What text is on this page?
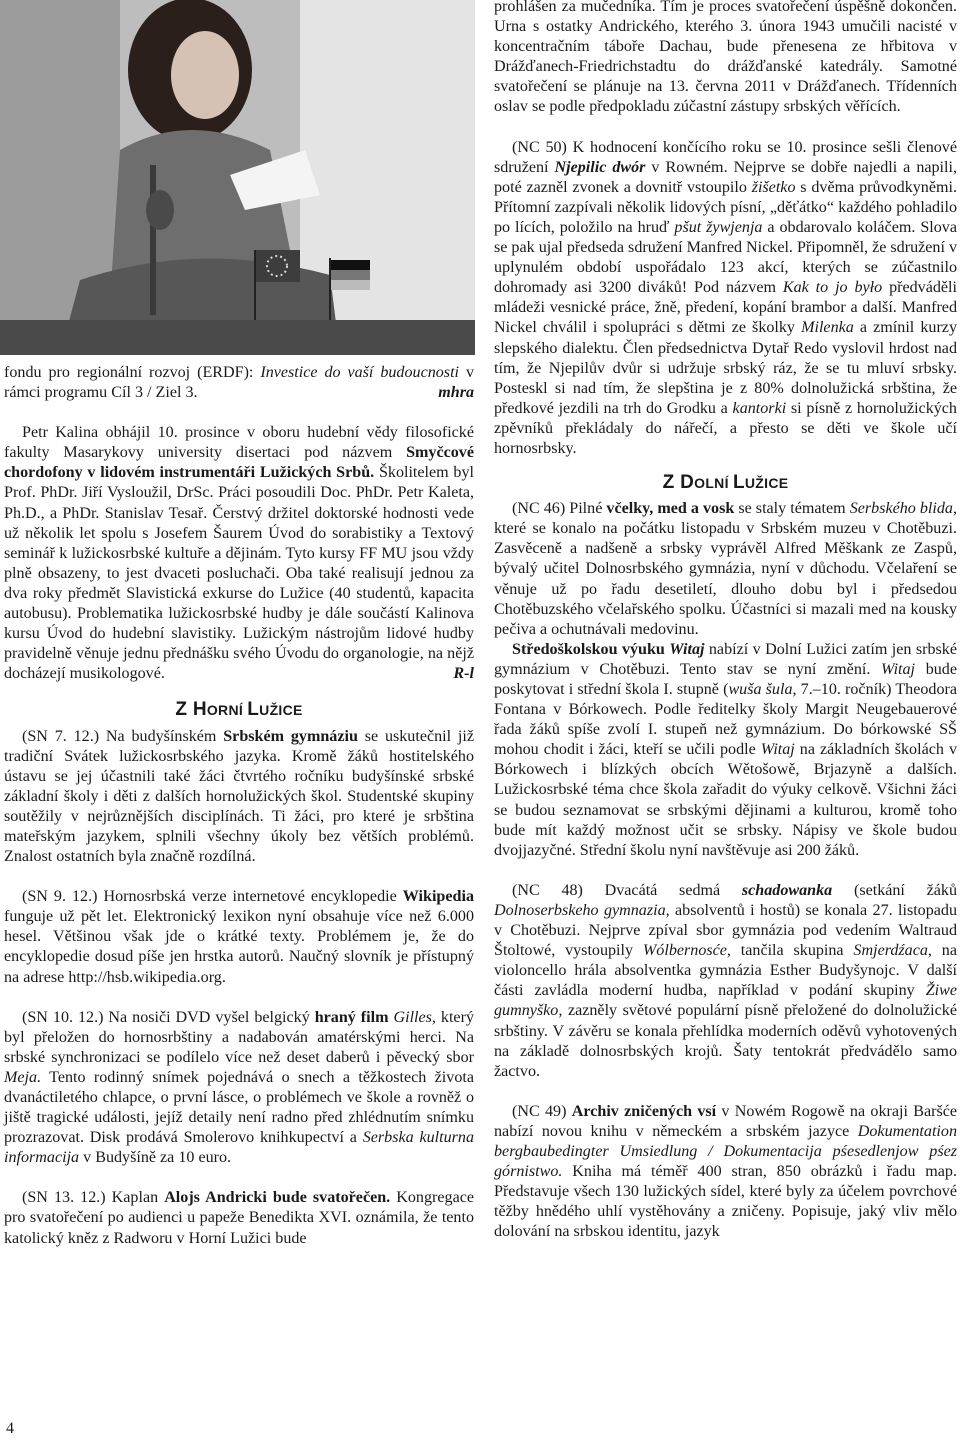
fondu pro regionální rozvoj (ERDF): Investice do vaší budoucnosti v rámci programu Cíl 3 / Ziel 3.	mhra

Petr Kalina obhájil 10. prosince v oboru hudební vědy filosofické fakulty Masarykovy university disertaci pod názvem Smyčcové chordofony v lidovém instrumentáři Lužických Srbů. Školitelem byl Prof. PhDr. Jiří Vysloužil, DrSc. Práci posoudili Doc. PhDr. Petr Kaleta, Ph.D., a PhDr. Stanislav Tesař. Čerstvý držitel doktorské hodnosti vede už několik let spolu s Josefem Šaurem Úvod do sorabistiky a Textový seminář k lužickosrbské kultuře a dějinám. Tyto kursy FF MU jsou vždy plně obsazeny, to jest dvaceti posluchači. Oba také realisují jednou za dva roky předmět Slavistická exkurse do Lužice (40 studentů, kapacita autobusu). Problematika lužickosrbské hudby je dále součástí Kalinova kursu Úvod do hudební slavistiky. Lužickým nástrojům lidové hudby pravidelně věnuje jednu přednášku svého Úvodu do organologie, na nějž docházejí musikologové.	R-l

Z HORNÍ LUŽICE

(SN 7. 12.) Na budyšínském Srbském gymnáziu se uskutečnil již tradiční Svátek lužickosrbského jazyka. Kromě žáků hostitelského ústavu se jej účastnili také žáci čtvrtého ročníku budyšínské srbské základní školy i děti z dalších hornolužických škol. Studentské skupiny soutěžily v nejrůznějších disciplínách. Ti žáci, pro které je srbština mateřským jazykem, splnili všechny úkoly bez větších problémů. Znalost ostatních byla značně rozdílná.

(SN 9. 12.) Hornosrbská verze internetové encyklopedie Wikipedia funguje už pět let. Elektronický lexikon nyní obsahuje více než 6.000 hesel. Většinou však jde o krátké texty. Problémem je, že do encyklopedie dosud píše jen hrstka autorů. Naučný slovník je přístupný na adrese http://hsb.wikipedia.org.

(SN 10. 12.) Na nosiči DVD vyšel belgický hraný film Gilles, který byl přeložen do hornosrbštiny a nadabován amatérskými herci. Na srbské synchronizaci se podílelo více než deset daberů i pěvecký sbor Meja. Tento rodinný snímek pojednává o snech a těžkostech života dvanáctiletého chlapce, o první lásce, o problémech ve škole a rovněž o jiště tragické události, jejíž detaily není radno před zhlédnutím snímku prozrazovat. Disk prodává Smolerovo knihkupectví a Serbska kulturna informacija v Budyšíně za 10 euro.

(SN 13. 12.) Kaplan Alojs Andricki bude svatořečen. Kongregace pro svatořečení po audienci u papeže Benedikta XVI. oznámila, že tento katolický kněz z Radworu v Horní Lužici bude

prohlášen za mučedníka. Tím je proces svatořečení úspěšně dokončen. Urna s ostatky Andrického, kterého 3. února 1943 umučili nacisté v koncentračním táboře Dachau, bude přenesena ze hřbitova v Drážďanech-Friedrichstadtu do drážďanské katedrály. Samotné svatořečení se plánuje na 13. června 2011 v Drážďanech. Třídenních oslav se podle předpokladu zúčastní zástupy srbských věřících.

(NC 50) K hodnocení končícího roku se 10. prosince sešli členové sdružení Njepilic dwór v Rowném. Nejprve se dobře najedli a napili, poté zazněl zvonek a dovnitř vstoupilo žišetko s dvěma průvodkyněmi. Přítomní zazpívali několik lidových písní, „děťátko“ každého pohladilo po lících, položilo na hruď pšut žywjenja a obdarovalo koláčem. Slova se pak ujal předseda sdružení Manfred Nickel. Připomněl, že sdružení v uplynulém období uspořádalo 123 akcí, kterých se zúčastnilo dohromady asi 3200 diváků! Pod názvem Kak to jo było předváděli mládeži vesnické práce, žně, předení, kopání brambor a další. Manfred Nickel chválil i spolupráci s dětmi ze školky Milenka a zmínil kurzy slepského dialektu. Člen předsednictva Dytař Redo vyslovil hrdost nad tím, že Njepilův dvůr si udržuje srbský ráz, že se tu mluví srbsky. Posteskl si nad tím, že slepština je z 80% dolnolužická srbština, že předkové jezdili na trh do Grodku a kantorki si písně z hornolužických zpěvníků překládaly do nářečí, a přesto se děti ve škole učí hornosrbsky.

Z DOLNÍ LUŽICE

(NC 46) Pilné včelky, med a vosk se staly tématem Serbského blida, které se konalo na počátku listopadu v Srbském muzeu v Chotěbuzi. Zasvěceně a nadšeně a srbsky vyprávěl Alfred Měškank ze Zaspů, bývalý učitel Dolnosrbského gymnázia, nyní v důchodu. Včelaření se věnuje už po řadu desetiletí, dlouho dobu byl i předsedou Chotěbuzského včelařského spolku. Účastníci si mazali med na kousky pečiva a ochutnávali medovinu.

Středoškolskou výuku Witaj nabízí v Dolní Lužici zatím jen srbské gymnázium v Chotěbuzi. Tento stav se nyní změní. Witaj bude poskytovat i střední škola I. stupně (wuša šula, 7.–10. ročník) Theodora Fontana v Bórkowech. Podle ředitelky školy Margit Neugebauerové řada žáků spíše zvolí I. stupeň než gymnázium. Do bórkowské SŠ mohou chodit i žáci, kteří se učili podle Witaj na základních školách v Bórkowech i blízkých obcích Wětošowě, Brjazyně a dalších. Lužickosrbské téma chce škola zařadit do výuky celkově. Všichni žáci se budou seznamovat se srbskými dějinami a kulturou, kromě toho bude mít každý možnost učit se srbsky. Nápisy ve škole budou dvojjazyčné. Střední školu nyní navštěvuje asi 200 žáků.

(NC 48) Dvacátá sedmá schadowanka (setkání žáků Dolnoserbskeho gymnazia, absolventů i hostů) se konala 27. listopadu v Chotěbuzi. Nejprve zpíval sbor gymnázia pod vedením Waltraud Štoltowé, vystoupily Wólbernosće, tančila skupina Smjerdźaca, na violoncello hrála absolventka gymnázia Esther Budyšynojc. V další části zavládla moderní hudba, například v podání skupiny Žiwe gumnyško, zazněly světové populární písně přeložené do dolnolužické srbštiny. V závěru se konala přehlídka moderních oděvů vyhotovených na základě dolnosrbských krojů. Šaty tentokrát předvádělo samo žactvo.

(NC 49) Archiv zničených vsí v Nowém Rogowě na okraji Baršće nabízí novou knihu v německém a srbském jazyce Dokumentation bergbaubedingter Umsiedlung / Dokumentacija pśesedlenjow pśez górnistwo. Kniha má téměř 400 stran, 850 obrázků i řadu map. Představuje všech 130 lužických sídel, které byly za účelem povrchové těžby hnědého uhlí vystěhovány a zničeny. Popisuje, jaký vliv mělo dolování na srbskou identitu, jazyk

4
